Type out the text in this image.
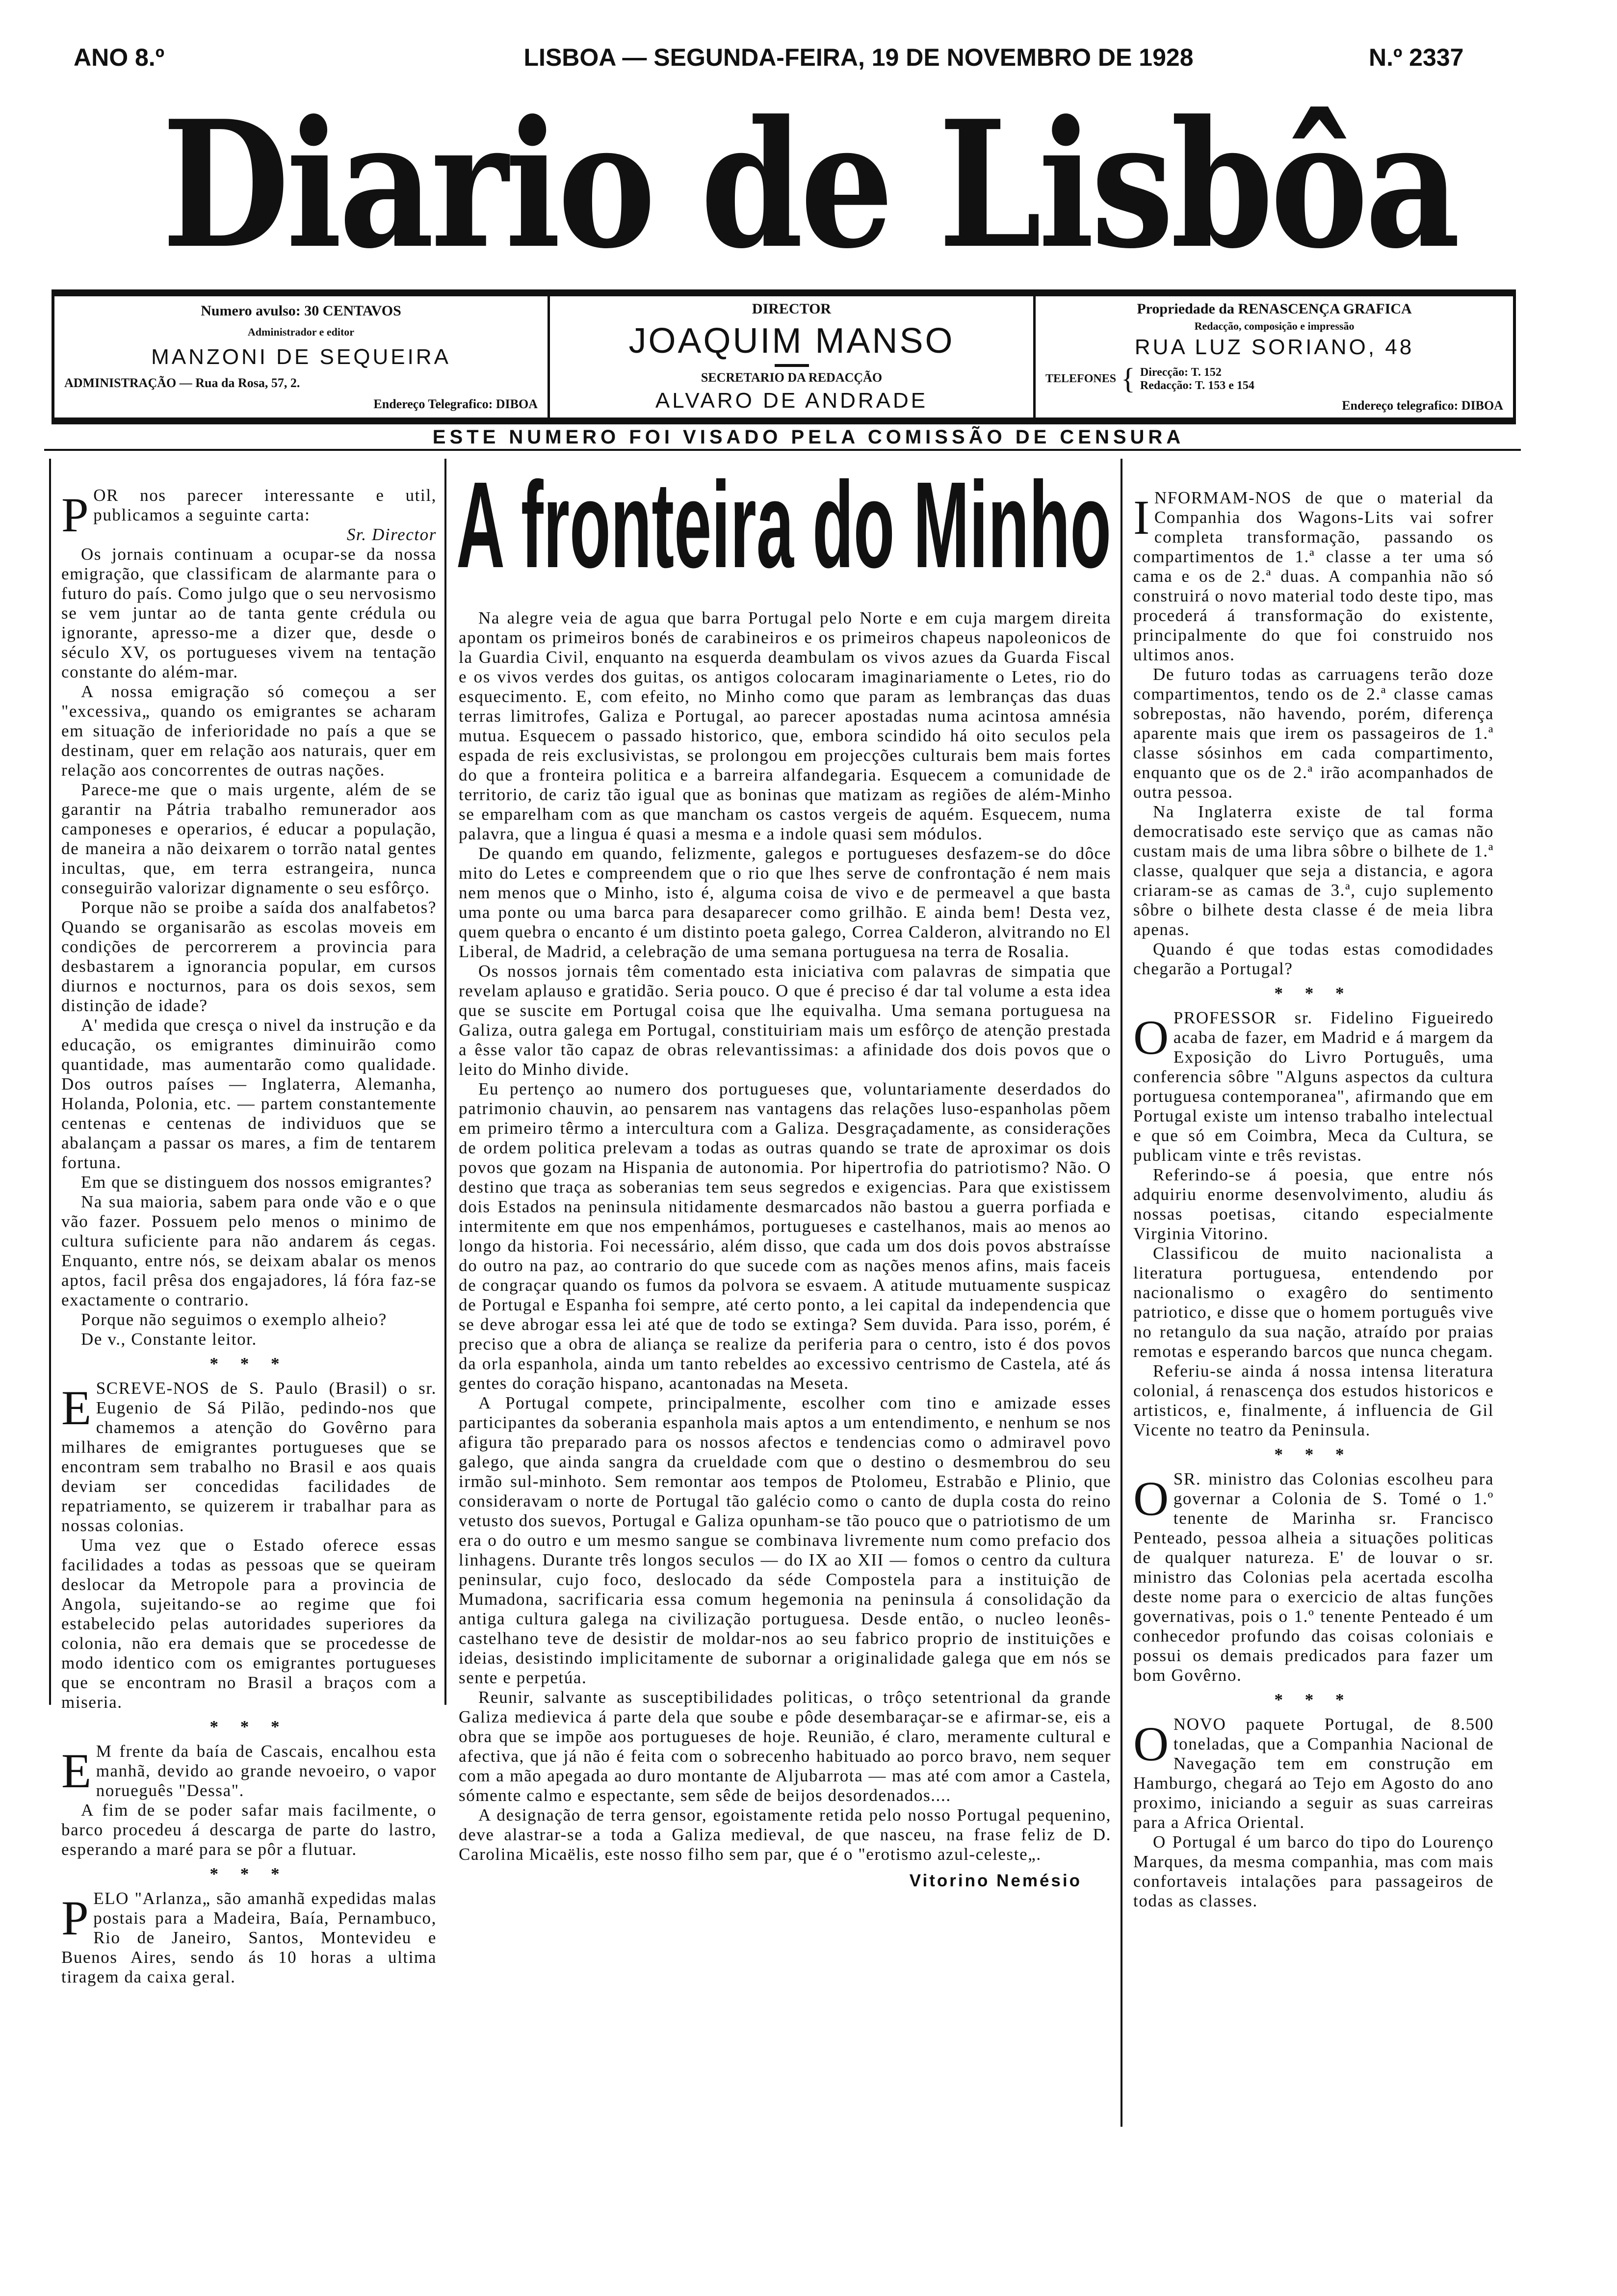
ANO 8.º	LISBOA — SEGUNDA-FEIRA, 19 DE NOVEMBRO DE 1928	N.º 2337
Diario de Lisbôa
Numero avulso: 30 CENTAVOS
Administrador e editor
MANZONI DE SEQUEIRA
ADMINISTRAÇÃO — Rua da Rosa, 57, 2.
Endereço Telegrafico: DIBOA
DIRECTOR
JOAQUIM MANSO
SECRETARIO DA REDACÇÃO
ALVARO DE ANDRADE
Propriedade da RENASCENÇA GRAFICA
Redacção, composição e impressão
RUA LUZ SORIANO, 48
TELEFONES { Direcção: T. 152
Redacção: T. 153 e 154
Endereço telegrafico: DIBOA
ESTE NUMERO FOI VISADO PELA COMISSÃO DE CENSURA

POR nos parecer interessante e util, publicamos a seguinte carta:

Sr. Director

Os jornais continuam a ocupar-se da nossa emigração, que classificam de alarmante para o futuro do país. Como julgo que o seu nervosismo se vem juntar ao de tanta gente crédula ou ignorante, apresso-me a dizer que, desde o século XV, os portugueses vivem na tentação constante do além-mar.

A nossa emigração só começou a ser "excessiva„ quando os emigrantes se acharam em situação de inferioridade no país a que se destinam, quer em relação aos naturais, quer em relação aos concorrentes de outras nações.

Parece-me que o mais urgente, além de se garantir na Pátria trabalho remunerador aos camponeses e operarios, é educar a população, de maneira a não deixarem o torrão natal gentes incultas, que, em terra estrangeira, nunca conseguirão valorizar dignamente o seu esfôrço.

Porque não se proibe a saída dos analfabetos? Quando se organisarão as escolas moveis em condições de percorrerem a provincia para desbastarem a ignorancia popular, em cursos diurnos e nocturnos, para os dois sexos, sem distinção de idade?

A' medida que cresça o nivel da instrução e da educação, os emigrantes diminuirão como quantidade, mas aumentarão como qualidade. Dos outros países — Inglaterra, Alemanha, Holanda, Polonia, etc. — partem constantemente centenas e centenas de individuos que se abalançam a passar os mares, a fim de tentarem fortuna.

Em que se distinguem dos nossos emigrantes?

Na sua maioria, sabem para onde vão e o que vão fazer. Possuem pelo menos o minimo de cultura suficiente para não andarem ás cegas. Enquanto, entre nós, se deixam abalar os menos aptos, facil prêsa dos engajadores, lá fóra faz-se exactamente o contrario.

Porque não seguimos o exemplo alheio?

De v., Constante leitor.

* * *

ESCREVE-NOS de S. Paulo (Brasil) o sr. Eugenio de Sá Pilão, pedindo-nos que chamemos a atenção do Govêrno para milhares de emigrantes portugueses que se encontram sem trabalho no Brasil e aos quais deviam ser concedidas facilidades de repatriamento, se quizerem ir trabalhar para as nossas colonias.

Uma vez que o Estado oferece essas facilidades a todas as pessoas que se queiram deslocar da Metropole para a provincia de Angola, sujeitando-se ao regime que foi estabelecido pelas autoridades superiores da colonia, não era demais que se procedesse de modo identico com os emigrantes portugueses que se encontram no Brasil a braços com a miseria.

* * *

E M frente da baía de Cascais, encalhou esta manhã, devido ao grande nevoeiro, o vapor norueguês "Dessa".

A fim de se poder safar mais facilmente, o barco procedeu á descarga de parte do lastro, esperando a maré para se pôr a flutuar.

* * *

PELO "Arlanza„ são amanhã expedidas malas postais para a Madeira, Baía, Pernambuco, Rio de Janeiro, Santos, Montevideu e Buenos Aires, sendo ás 10 horas a ultima tiragem da caixa geral.

A fronteira do Minho

Na alegre veia de agua que barra Portugal pelo Norte e em cuja margem direita apontam os primeiros bonés de carabineiros e os primeiros chapeus napoleonicos de la Guardia Civil, enquanto na esquerda deambulam os vivos azues da Guarda Fiscal e os vivos verdes dos guitas, os antigos colocaram imaginariamente o Letes, rio do esquecimento. E, com efeito, no Minho como que param as lembranças das duas terras limitrofes, Galiza e Portugal, ao parecer apostadas numa acintosa amnésia mutua. Esquecem o passado historico, que, embora scindido há oito seculos pela espada de reis exclusivistas, se prolongou em projecções culturais bem mais fortes do que a fronteira politica e a barreira alfandegaria. Esquecem a comunidade de territorio, de cariz tão igual que as boninas que matizam as regiões de além-Minho se emparelham com as que mancham os castos vergeis de aquém. Esquecem, numa palavra, que a lingua é quasi a mesma e a indole quasi sem módulos.

De quando em quando, felizmente, galegos e portugueses desfazem-se do dôce mito do Letes e compreendem que o rio que lhes serve de confrontação é nem mais nem menos que o Minho, isto é, alguma coisa de vivo e de permeavel a que basta uma ponte ou uma barca para desaparecer como grilhão. E ainda bem! Desta vez, quem quebra o encanto é um distinto poeta galego, Correa Calderon, alvitrando no El Liberal, de Madrid, a celebração de uma semana portuguesa na terra de Rosalia.

Os nossos jornais têm comentado esta iniciativa com palavras de simpatia que revelam aplauso e gratidão. Seria pouco. O que é preciso é dar tal volume a esta idea que se suscite em Portugal coisa que lhe equivalha. Uma semana portuguesa na Galiza, outra galega em Portugal, constituiriam mais um esfôrço de atenção prestada a êsse valor tão capaz de obras relevantissimas: a afinidade dos dois povos que o leito do Minho divide.

Eu pertenço ao numero dos portugueses que, voluntariamente deserdados do patrimonio chauvin, ao pensarem nas vantagens das relações luso-espanholas põem em primeiro têrmo a intercultura com a Galiza. Desgraçadamente, as considerações de ordem politica prelevam a todas as outras quando se trate de aproximar os dois povos que gozam na Hispania de autonomia. Por hipertrofia do patriotismo? Não. O destino que traça as soberanias tem seus segredos e exigencias. Para que existissem dois Estados na peninsula nitidamente desmarcados não bastou a guerra porfiada e intermitente em que nos empenhámos, portugueses e castelhanos, mais ao menos ao longo da historia. Foi necessário, além disso, que cada um dos dois povos abstraísse do outro na paz, ao contrario do que sucede com as nações menos afins, mais faceis de congraçar quando os fumos da polvora se esvaem. A atitude mutuamente suspicaz de Portugal e Espanha foi sempre, até certo ponto, a lei capital da independencia que se deve abrogar essa lei até que de todo se extinga? Sem duvida. Para isso, porém, é preciso que a obra de aliança se realize da periferia para o centro, isto é dos povos da orla espanhola, ainda um tanto rebeldes ao excessivo centrismo de Castela, até ás gentes do coração hispano, acantonadas na Meseta.

A Portugal compete, principalmente, escolher com tino e amizade esses participantes da soberania espanhola mais aptos a um entendimento, e nenhum se nos afigura tão preparado para os nossos afectos e tendencias como o admiravel povo galego, que ainda sangra da crueldade com que o destino o desmembrou do seu irmão sul-minhoto. Sem remontar aos tempos de Ptolomeu, Estrabão e Plinio, que consideravam o norte de Portugal tão galécio como o canto de dupla costa do reino vetusto dos suevos, Portugal e Galiza opunham-se tão pouco que o patriotismo de um era o do outro e um mesmo sangue se combinava livremente num como prefacio dos linhagens. Durante três longos seculos — do IX ao XII — fomos o centro da cultura peninsular, cujo foco, deslocado da séde Compostela para a instituição de Mumadona, sacrificaria essa comum hegemonia na peninsula á consolidação da antiga cultura galega na civilização portuguesa. Desde então, o nucleo leonês-castelhano teve de desistir de moldar-nos ao seu fabrico proprio de instituições e ideias, desistindo implicitamente de subornar a originalidade galega que em nós se sente e perpetúa.

Reunir, salvante as susceptibilidades politicas, o trôço setentrional da grande Galiza medievica á parte dela que soube e pôde desembaraçar-se e afirmar-se, eis a obra que se impõe aos portugueses de hoje. Reunião, é claro, meramente cultural e afectiva, que já não é feita com o sobrecenho habituado ao porco bravo, nem sequer com a mão apegada ao duro montante de Aljubarrota — mas até com amor a Castela, sómente calmo e espectante, sem sêde de beijos desordenados....

A designação de terra gensor, egoistamente retida pelo nosso Portugal pequenino, deve alastrar-se a toda a Galiza medieval, de que nasceu, na frase feliz de D. Carolina Micaëlis, este nosso filho sem par, que é o "erotismo azul-celeste„.

Vitorino Nemésio

INFORMAM-NOS de que o material da Companhia dos Wagons-Lits vai sofrer completa transformação, passando os compartimentos de 1.ª classe a ter uma só cama e os de 2.ª duas. A companhia não só construirá o novo material todo deste tipo, mas procederá á transformação do existente, principalmente do que foi construido nos ultimos anos.

De futuro todas as carruagens terão doze compartimentos, tendo os de 2.ª classe camas sobrepostas, não havendo, porém, diferença aparente mais que irem os passageiros de 1.ª classe sósinhos em cada compartimento, enquanto que os de 2.ª irão acompanhados de outra pessoa.

Na Inglaterra existe de tal forma democratisado este serviço que as camas não custam mais de uma libra sôbre o bilhete de 1.ª classe, qualquer que seja a distancia, e agora criaram-se as camas de 3.ª, cujo suplemento sôbre o bilhete desta classe é de meia libra apenas.

Quando é que todas estas comodidades chegarão a Portugal?

* * *

OPROFESSOR sr. Fidelino Figueiredo acaba de fazer, em Madrid e á margem da Exposição do Livro Português, uma conferencia sôbre "Alguns aspectos da cultura portuguesa contemporanea", afirmando que em Portugal existe um intenso trabalho intelectual e que só em Coimbra, Meca da Cultura, se publicam vinte e três revistas.

Referindo-se á poesia, que entre nós adquiriu enorme desenvolvimento, aludiu ás nossas poetisas, citando especialmente Virginia Vitorino.

Classificou de muito nacionalista a literatura portuguesa, entendendo por nacionalismo o exagêro do sentimento patriotico, e disse que o homem português vive no retangulo da sua nação, atraído por praias remotas e esperando barcos que nunca chegam.

Referiu-se ainda á nossa intensa literatura colonial, á renascença dos estudos historicos e artisticos, e, finalmente, á influencia de Gil Vicente no teatro da Peninsula.

* * *

OSR. ministro das Colonias escolheu para governar a Colonia de S. Tomé o 1.º tenente de Marinha sr. Francisco Penteado, pessoa alheia a situações politicas de qualquer natureza. E' de louvar o sr. ministro das Colonias pela acertada escolha deste nome para o exercicio de altas funções governativas, pois o 1.º tenente Penteado é um conhecedor profundo das coisas coloniais e possui os demais predicados para fazer um bom Govêrno.

* * *

ONOVO paquete Portugal, de 8.500 toneladas, que a Companhia Nacional de Navegação tem em construção em Hamburgo, chegará ao Tejo em Agosto do ano proximo, iniciando a seguir as suas carreiras para a Africa Oriental.

O Portugal é um barco do tipo do Lourenço Marques, da mesma companhia, mas com mais confortaveis intalações para passageiros de todas as classes.
